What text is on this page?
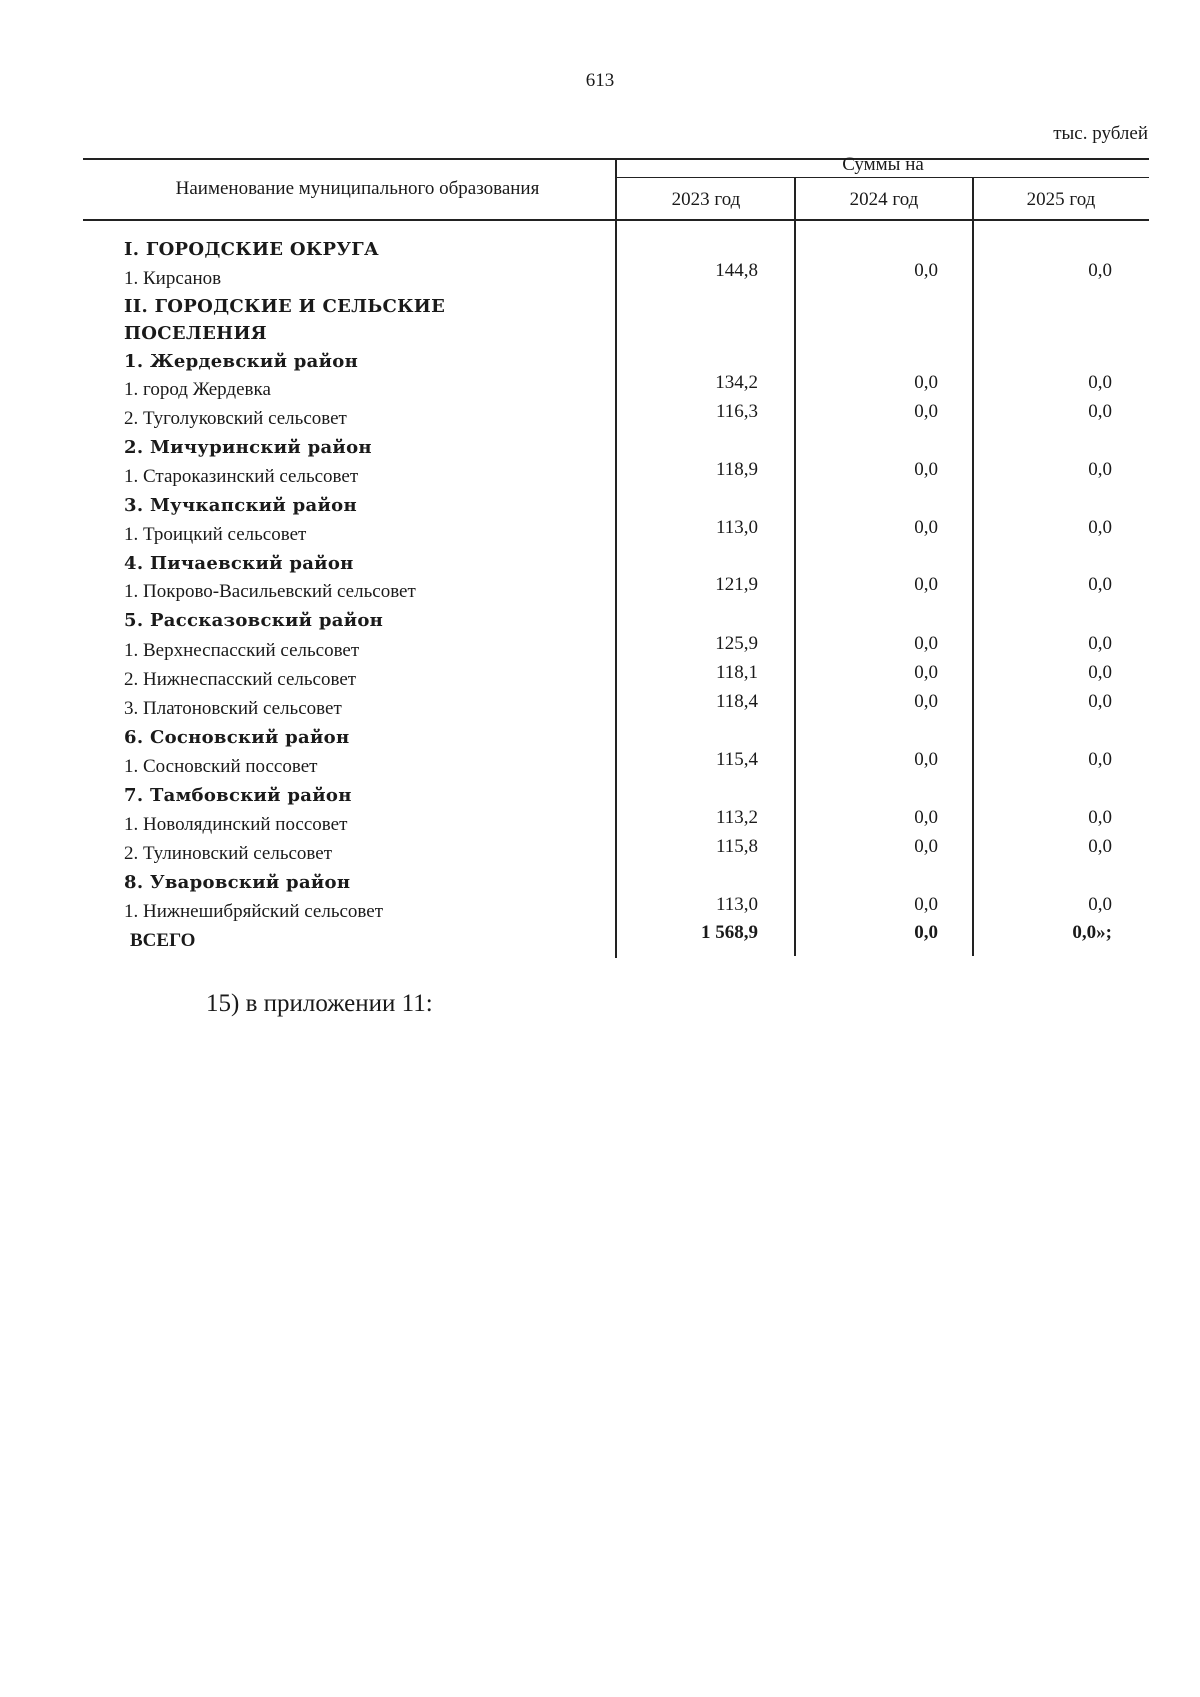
613
тыс. рублей
Наименование муниципального образования
Суммы на
2023 год	2024 год	2025 год
I. ГОРОДСКИЕ ОКРУГА
1. Кирсанов	144,8	0,0	0,0
II. ГОРОДСКИЕ И СЕЛЬСКИЕ
ПОСЕЛЕНИЯ
1. Жердевский район
1. город Жердевка	134,2	0,0	0,0
2. Туголуковский сельсовет	116,3	0,0	0,0
2. Мичуринский район
1. Староказинский сельсовет	118,9	0,0	0,0
3. Мучкапский район
1. Троицкий сельсовет	113,0	0,0	0,0
4. Пичаевский район
1. Покрово-Васильевский сельсовет	121,9	0,0	0,0
5. Рассказовский район
1. Верхнеспасский сельсовет	125,9	0,0	0,0
2. Нижнеспасский сельсовет	118,1	0,0	0,0
3. Платоновский сельсовет	118,4	0,0	0,0
6. Сосновский район
1. Сосновский поссовет	115,4	0,0	0,0
7. Тамбовский район
1. Новолядинский поссовет	113,2	0,0	0,0
2. Тулиновский сельсовет	115,8	0,0	0,0
8. Уваровский район
1. Нижнешибряйский сельсовет	113,0	0,0	0,0
ВСЕГО	1 568,9	0,0	0,0»;
15) в приложении 11:
